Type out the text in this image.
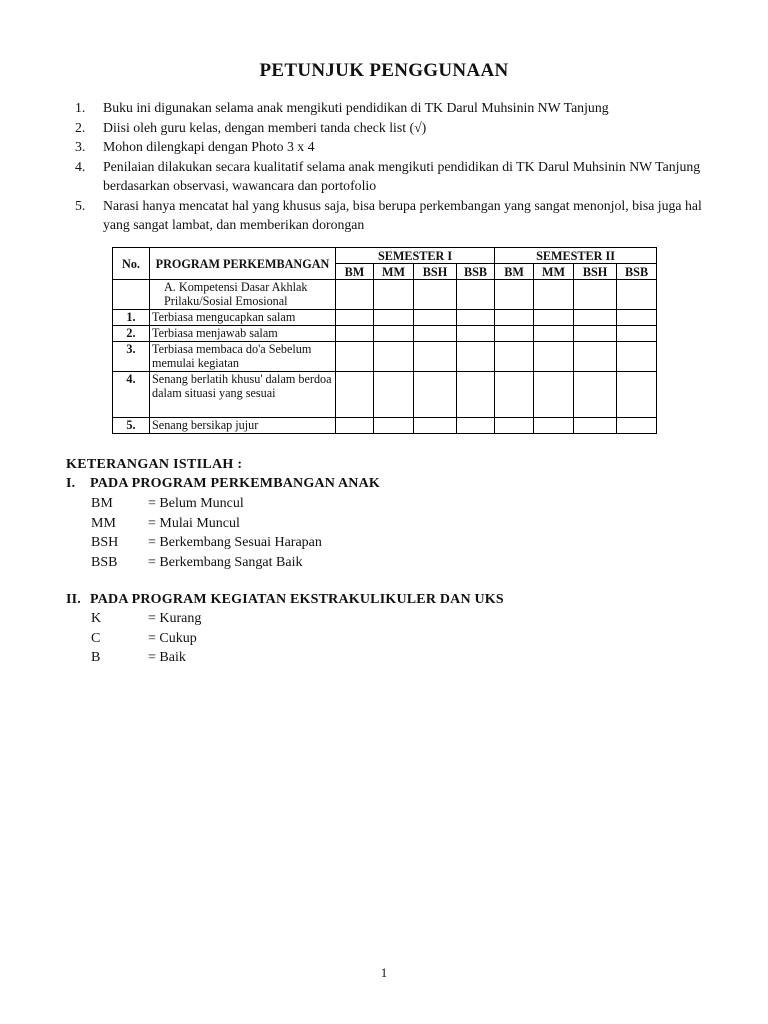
PETUNJUK PENGGUNAAN
1. Buku ini digunakan selama anak mengikuti pendidikan di TK Darul Muhsinin NW Tanjung
2. Diisi oleh guru kelas, dengan memberi tanda check list (√)
3. Mohon dilengkapi dengan Photo 3 x 4
4. Penilaian dilakukan secara kualitatif selama anak mengikuti pendidikan di TK Darul Muhsinin NW Tanjung berdasarkan observasi, wawancara dan portofolio
5. Narasi hanya mencatat hal yang khusus saja, bisa berupa perkembangan yang sangat menonjol, bisa juga hal yang sangat lambat, dan memberikan dorongan
No.	PROGRAM PERKEMBANGAN	SEMESTER I				SEMESTER II			
		BM	MM	BSH	BSB	BM	MM	BSH	BSB
	A. Kompetensi Dasar Akhlak Prilaku/Sosial Emosional								
1.	Terbiasa mengucapkan salam								
2.	Terbiasa menjawab salam								
3.	Terbiasa membaca do'a Sebelum memulai kegiatan								
4.	Senang berlatih khusu' dalam berdoa dalam situasi yang sesuai								
5.	Senang bersikap jujur								
KETERANGAN ISTILAH :
I. PADA PROGRAM PERKEMBANGAN ANAK
BM	= Belum Muncul
MM = Mulai Muncul
BSH = Berkembang Sesuai Harapan
BSB = Berkembang Sangat Baik
II. PADA PROGRAM KEGIATAN EKSTRAKULIKULER DAN UKS
K	= Kurang
C	= Cukup
B	= Baik
1
